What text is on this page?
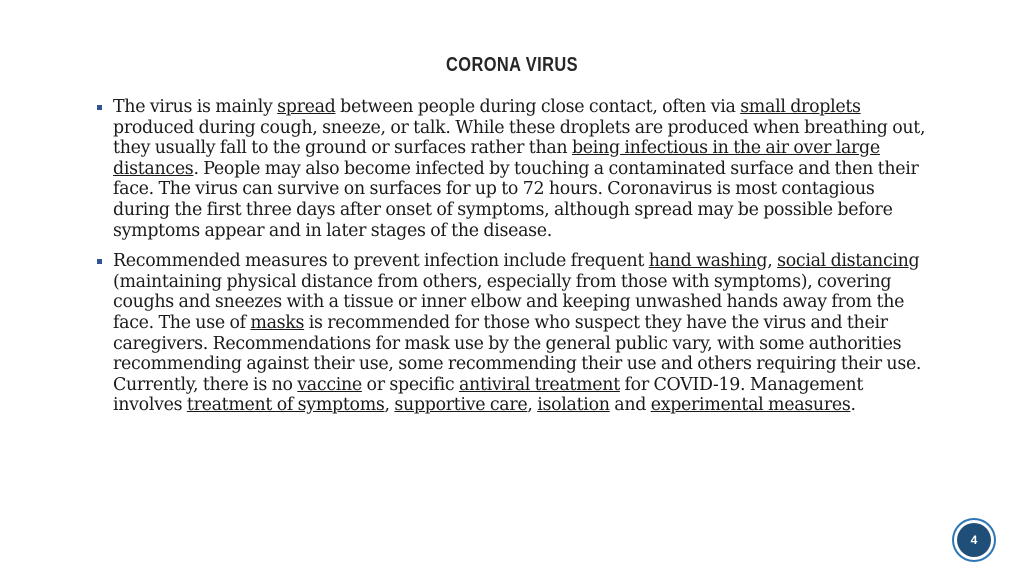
CORONA VIRUS
The virus is mainly spread between people during close contact, often via small droplets produced during cough, sneeze, or talk. While these droplets are produced when breathing out, they usually fall to the ground or surfaces rather than being infectious in the air over large distances. People may also become infected by touching a contaminated surface and then their face. The virus can survive on surfaces for up to 72 hours. Coronavirus is most contagious during the first three days after onset of symptoms, although spread may be possible before symptoms appear and in later stages of the disease.
Recommended measures to prevent infection include frequent hand washing, social distancing (maintaining physical distance from others, especially from those with symptoms), covering coughs and sneezes with a tissue or inner elbow and keeping unwashed hands away from the face. The use of masks is recommended for those who suspect they have the virus and their caregivers. Recommendations for mask use by the general public vary, with some authorities recommending against their use, some recommending their use and others requiring their use. Currently, there is no vaccine or specific antiviral treatment for COVID-19. Management involves treatment of symptoms, supportive care, isolation and experimental measures.
4
